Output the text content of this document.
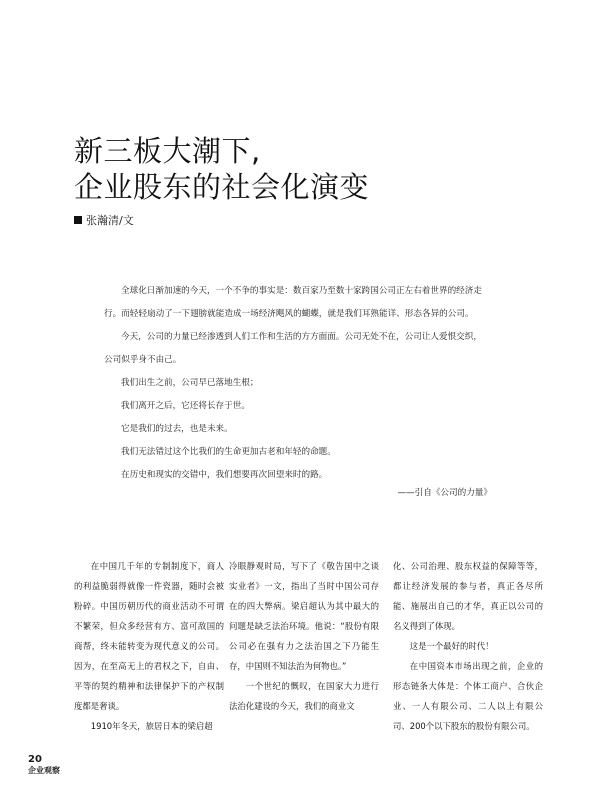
新三板大潮下,
企业股东的社会化演变
张瀚清/文

全球化日渐加速的今天，一个不争的事实是：数百家乃至数十家跨国公司正左右着世界的经济走

行。而轻轻扇动了一下翅膀就能造成一场经济飓风的蝴蝶，就是我们耳熟能详、形态各异的公司。

今天，公司的力量已经渗透到人们工作和生活的方方面面。公司无处不在，公司让人爱恨交织，

公司似乎身不由己。

我们出生之前，公司早已落地生根；

我们离开之后，它还将长存于世。

它是我们的过去，也是未来。

我们无法错过这个比我们的生命更加古老和年轻的命题。

在历史和现实的交错中，我们想要再次回望来时的路。

——引自《公司的力量》

在中国几千年的专制制度下，商人的利益脆弱得就像一件瓷器，随时会被粉碎。中国历朝历代的商业活动不可谓不繁荣，但众多经营有方、富可敌国的商帮，终未能转变为现代意义的公司。因为，在至高无上的君权之下，自由、平等的契约精神和法律保护下的产权制度都是奢谈。

1910年冬天，旅居日本的梁启超

冷眼静观时局，写下了《敬告国中之谈实业者》一文，指出了当时中国公司存在的四大弊病。梁启超认为其中最大的问题是缺乏法治环境。他说：“股份有限公司必在强有力之法治国之下乃能生存，中国则不知法治为何物也。”

一个世纪的慨叹，在国家大力进行法治化建设的今天，我们的商业文

化、公司治理、股东权益的保障等等，都让经济发展的参与者，真正各尽所能、施展出自己的才华，真正以公司的名义得到了体现。

这是一个最好的时代！

在中国资本市场出现之前，企业的形态链条大体是：个体工商户、合伙企业、一人有限公司、二人以上有限公司、200个以下股东的股份有限公司。

20
企业观察
